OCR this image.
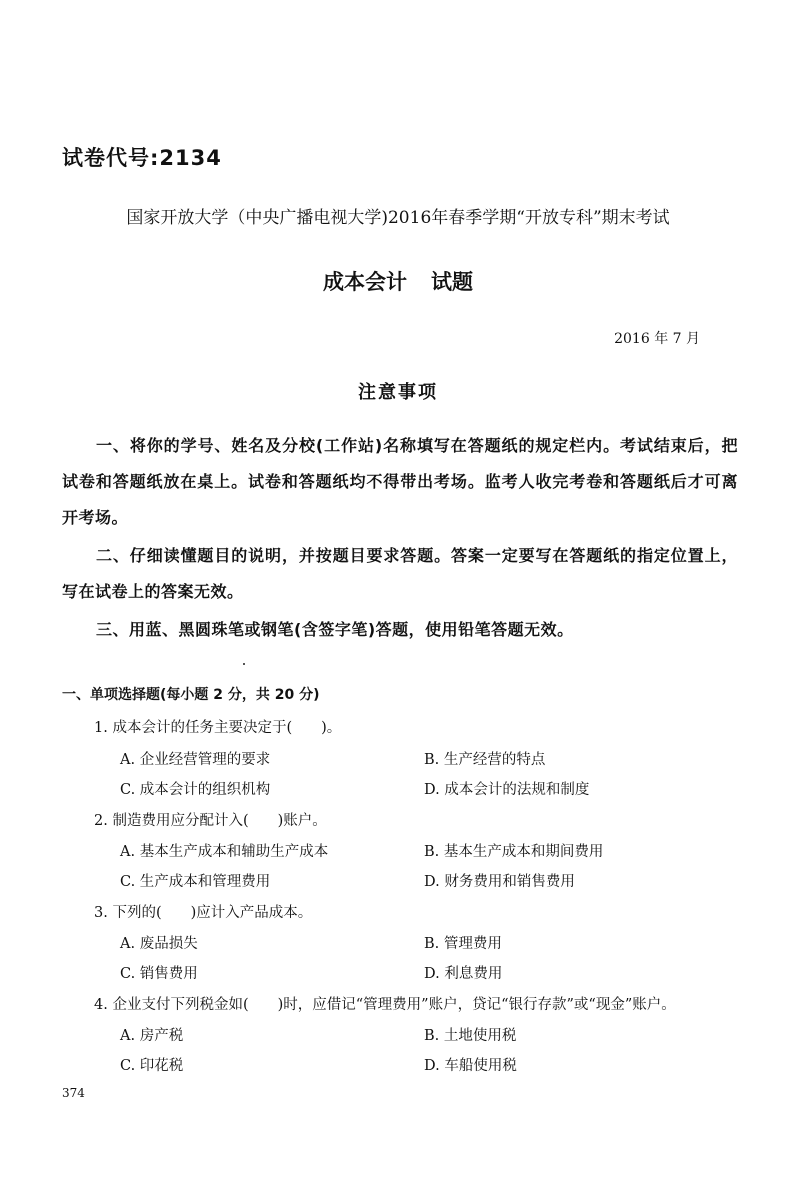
试卷代号:2134
国家开放大学（中央广播电视大学)2016年春季学期“开放专科”期末考试
成本会计 试题
2016 年 7 月
注意事项

一、将你的学号、姓名及分校(工作站)名称填写在答题纸的规定栏内。考试结束后，把试卷和答题纸放在桌上。试卷和答题纸均不得带出考场。监考人收完考卷和答题纸后才可离开考场。

二、仔细读懂题目的说明，并按题目要求答题。答案一定要写在答题纸的指定位置上，写在试卷上的答案无效。

三、用蓝、黑圆珠笔或钢笔(含签字笔)答题，使用铅笔答题无效。

一、单项选择题(每小题 2 分，共 20 分)
1. 成本会计的任务主要决定于(　　)。
A. 企业经营管理的要求	B. 生产经营的特点
C. 成本会计的组织机构	D. 成本会计的法规和制度
2. 制造费用应分配计入(　　)账户。
A. 基本生产成本和辅助生产成本	B. 基本生产成本和期间费用
C. 生产成本和管理费用	D. 财务费用和销售费用
3. 下列的(　　)应计入产品成本。
A. 废品损失	B. 管理费用
C. 销售费用	D. 利息费用
4. 企业支付下列税金如(　　)时，应借记“管理费用”账户，贷记“银行存款”或“现金”账户。
A. 房产税	B. 土地使用税
C. 印花税	D. 车船使用税
374
